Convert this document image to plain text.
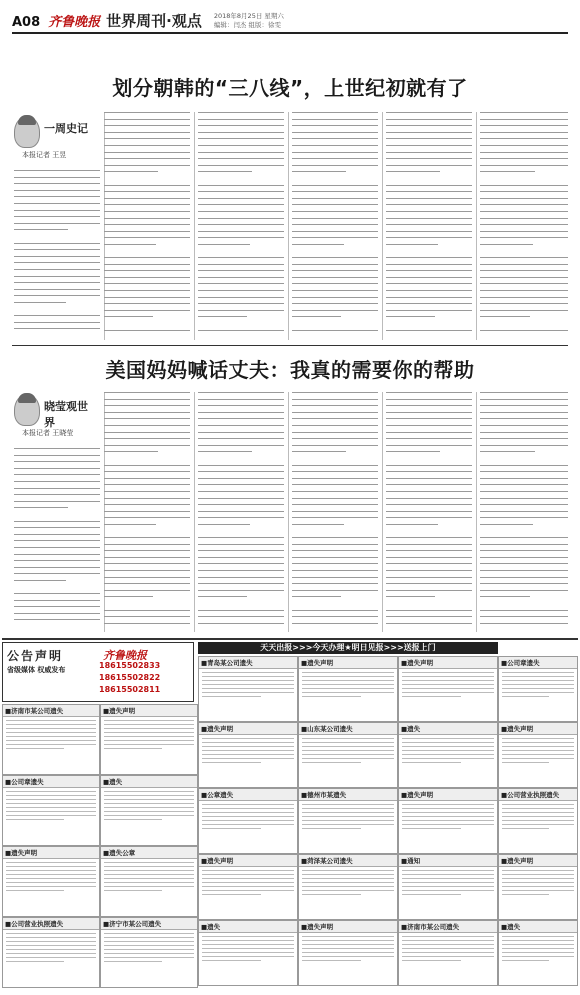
A08 齐鲁晚报 世界周刊·观点 2018年8月25日 星期六
编辑：闫杰 组版：徐雯
划分朝韩的“三八线”，上世纪初就有了
一周史记
本报记者 王昱
美国妈妈喊话丈夫：我真的需要你的帮助
晓莹观世界
本报记者 王晓莹
公告声明
省级媒体 权威发布
齐鲁晚报
18615502833
18615502822
18615502811
天天出报>>>今天办理★明日见报>>>送报上门
■济南市某公司遗失
■公司章遗失
■遗失声明
■公司营业执照遗失
■遗失声明
■遗失
■遗失公章
■济宁市某公司遗失
■青岛某公司遗失
■遗失声明
■公章遗失
■遗失声明
■遗失
■遗失声明
■山东某公司遗失
■德州市某遗失
■菏泽某公司遗失
■遗失声明
■遗失声明
■遗失
■遗失声明
■通知
■济南市某公司遗失
■公司章遗失
■遗失声明
■公司营业执照遗失
■遗失声明
■遗失
